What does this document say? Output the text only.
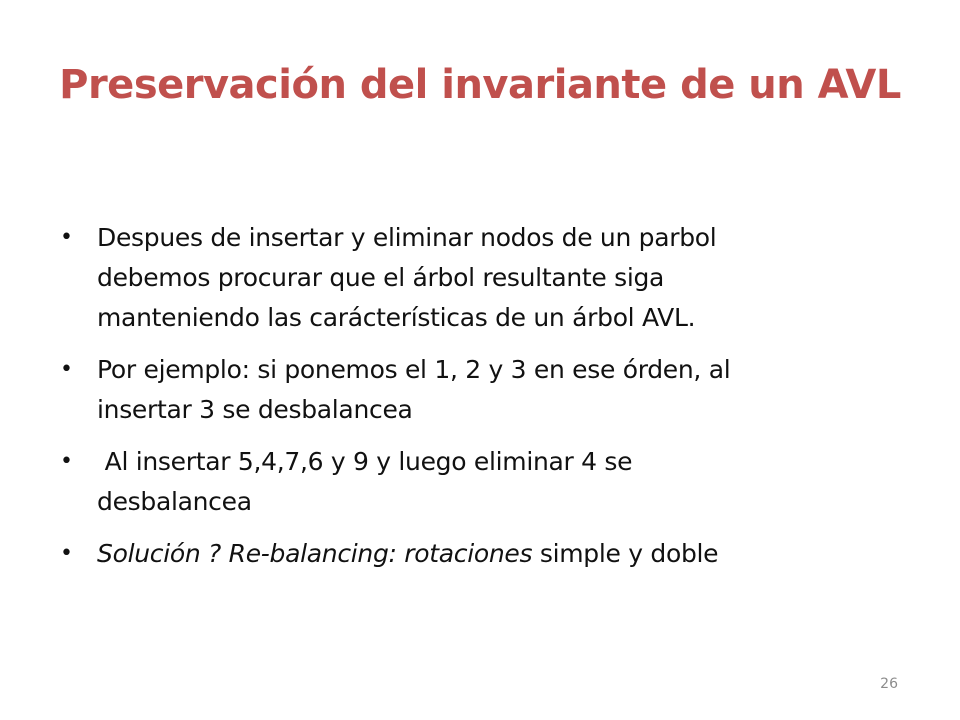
Preservación del invariante de un AVL
• Despues de insertar y eliminar nodos de un parbol
debemos procurar que el árbol resultante siga
manteniendo las carácterísticas de un árbol AVL.
• Por ejemplo: si ponemos el 1, 2 y 3 en ese órden, al
insertar 3 se desbalancea
• Al insertar 5,4,7,6 y 9 y luego eliminar 4 se
desbalancea
• Solución ? Re-balancing: rotaciones simple y doble
26
